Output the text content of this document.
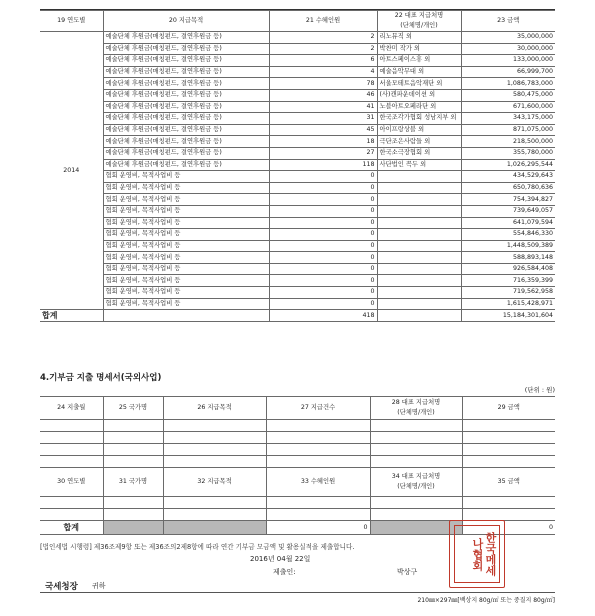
19 연도별	20 지급목적	21 수혜인원	22 대표 지급처명
(단체명/개인)	23 금액
2014	예술단체 후원금(매칭펀드, 결연후원금 등)	2	리노뮤직 외	35,000,000
	예술단체 후원금(매칭펀드, 결연후원금 등)	2	박찬미 작가 외	30,000,000
	예술단체 후원금(매칭펀드, 결연후원금 등)	6	아트스페이스휴 외	133,000,000
	예술단체 후원금(매칭펀드, 결연후원금 등)	4	예술음악무대 외	66,999,700
	예술단체 후원금(매칭펀드, 결연후원금 등)	78	서울모테트음악재단 외	1,086,783,000
	예술단체 후원금(매칭펀드, 결연후원금 등)	46	(사)캔파운데이션 외	580,475,000
	예술단체 후원금(매칭펀드, 결연후원금 등)	41	노블아트오페라단 외	671,600,000
	예술단체 후원금(매칭펀드, 결연후원금 등)	31	한국조각가협회 성남지부 외	343,175,000
	예술단체 후원금(매칭펀드, 결연후원금 등)	45	아이프랑상블 외	871,075,000
	예술단체 후원금(매칭펀드, 결연후원금 등)	18	극단조은사람들 외	218,500,000
	예술단체 후원금(매칭펀드, 결연후원금 등)	27	한국소극장협회 외	355,780,000
	예술단체 후원금(매칭펀드, 결연후원금 등)	118	사단법인 꼭두 외	1,026,295,544
	협회 운영비, 목적사업비 등	0		434,529,643
	협회 운영비, 목적사업비 등	0		650,780,636
	협회 운영비, 목적사업비 등	0		754,394,827
	협회 운영비, 목적사업비 등	0		739,649,057
	협회 운영비, 목적사업비 등	0		641,079,594
	협회 운영비, 목적사업비 등	0		554,846,330
	협회 운영비, 목적사업비 등	0		1,448,509,389
	협회 운영비, 목적사업비 등	0		588,893,148
	협회 운영비, 목적사업비 등	0		926,584,408
	협회 운영비, 목적사업비 등	0		716,359,399
	협회 운영비, 목적사업비 등	0		719,562,958
	협회 운영비, 목적사업비 등	0		1,615,428,971
합계		418		15,184,301,604
4.기부금 지출 명세서(국외사업)
(단위 : 원)
24 지출월	25 국가명	26 지급목적	27 지급건수	28 대표 지급처명
(단체명/개인)	29 금액

30 연도별	31 국가명	32 지급목적	33 수혜인원	34 대표 지급처명
(단체명/개인)	35 금액

합계			0		0
[법인세법 시행령] 제36조제9항 또는 제36조의2제8항에 따라 연간 기부금 모금액 및 활용실적을 제출합니다.
2016년 04월 22일
제출인:	박상구	한국메세나협회
국세청장 귀하
210㎜×297㎜[백상지 80g/㎡ 또는 중질지 80g/㎡]
